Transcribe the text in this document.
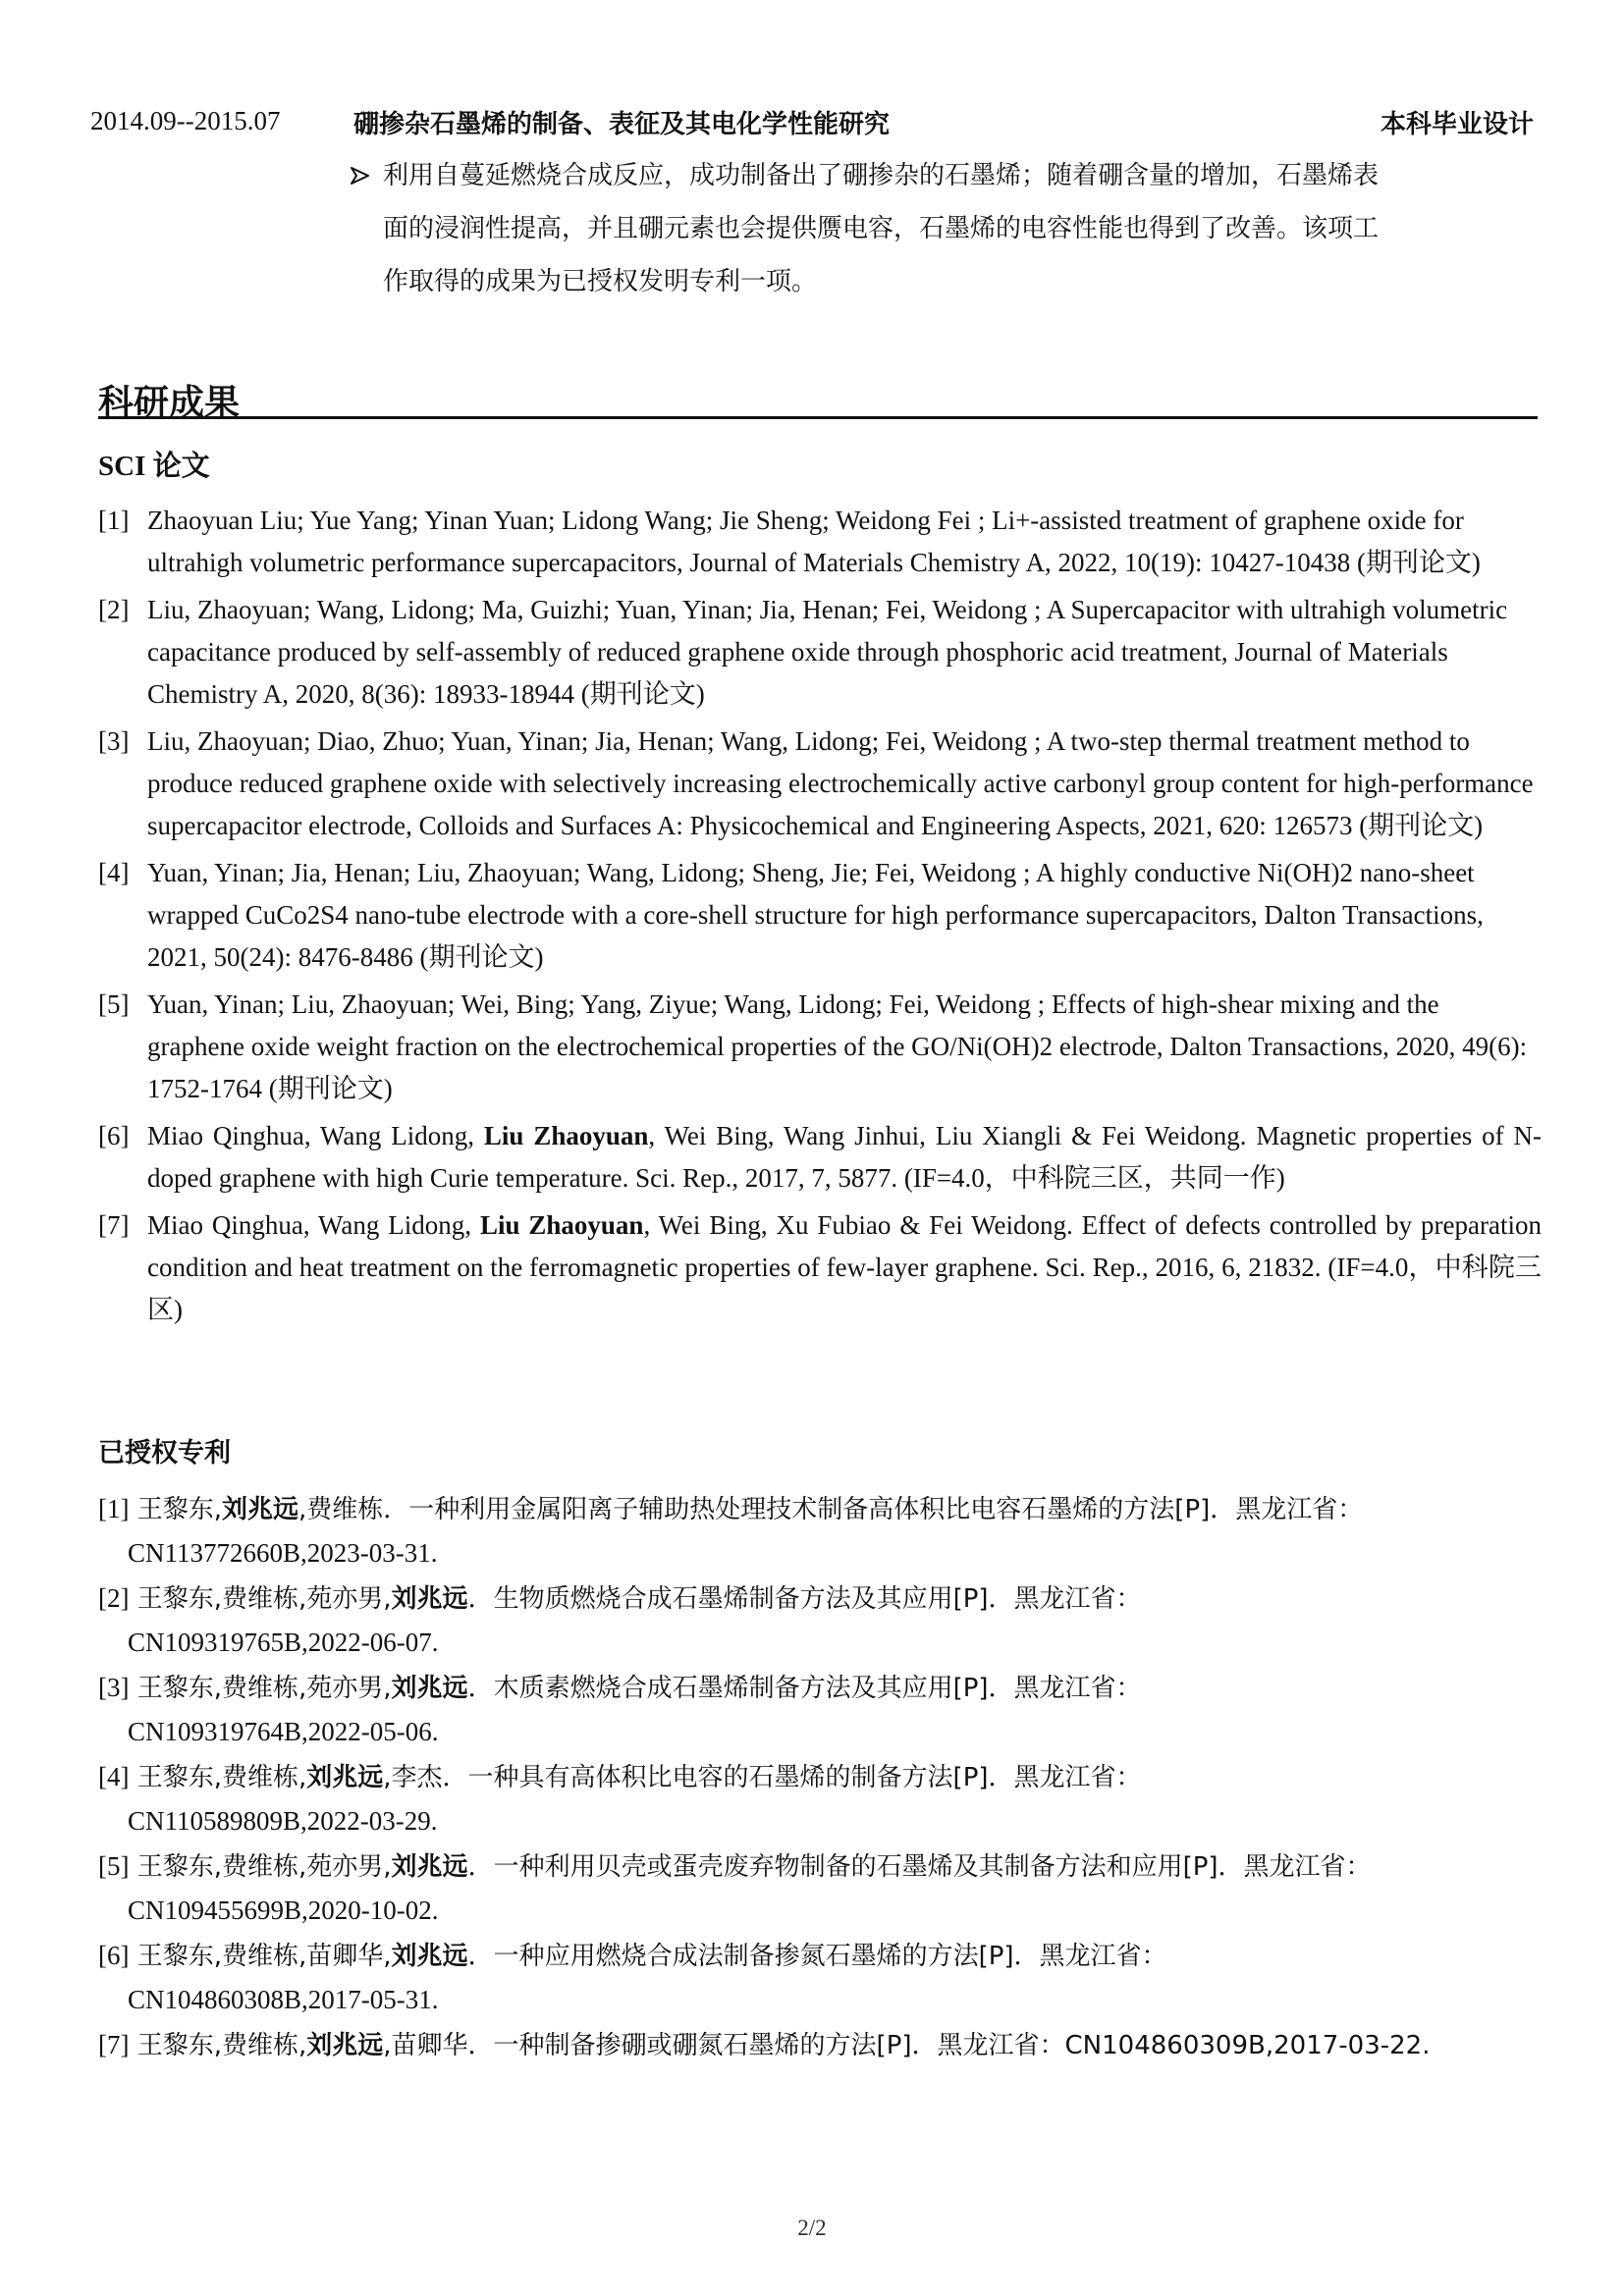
2014.09--2015.07	硼掺杂石墨烯的制备、表征及其电化学性能研究	本科毕业设计
利用自蔓延燃烧合成反应，成功制备出了硼掺杂的石墨烯；随着硼含量的增加，石墨烯表
面的浸润性提高，并且硼元素也会提供赝电容，石墨烯的电容性能也得到了改善。该项工
作取得的成果为已授权发明专利一项。
科研成果
SCI 论文
[1] Zhaoyuan Liu; Yue Yang; Yinan Yuan; Lidong Wang; Jie Sheng; Weidong Fei ; Li+-assisted treatment of graphene oxide for ultrahigh volumetric performance supercapacitors, Journal of Materials Chemistry A, 2022, 10(19): 10427-10438 (期刊论文)
[2] Liu, Zhaoyuan; Wang, Lidong; Ma, Guizhi; Yuan, Yinan; Jia, Henan; Fei, Weidong ; A Supercapacitor with ultrahigh volumetric capacitance produced by self-assembly of reduced graphene oxide through phosphoric acid treatment, Journal of Materials Chemistry A, 2020, 8(36): 18933-18944 (期刊论文)
[3] Liu, Zhaoyuan; Diao, Zhuo; Yuan, Yinan; Jia, Henan; Wang, Lidong; Fei, Weidong ; A two-step thermal treatment method to produce reduced graphene oxide with selectively increasing electrochemically active carbonyl group content for high-performance supercapacitor electrode, Colloids and Surfaces A: Physicochemical and Engineering Aspects, 2021, 620: 126573 (期刊论文)
[4] Yuan, Yinan; Jia, Henan; Liu, Zhaoyuan; Wang, Lidong; Sheng, Jie; Fei, Weidong ; A highly conductive Ni(OH)2 nano-sheet wrapped CuCo2S4 nano-tube electrode with a core-shell structure for high performance supercapacitors, Dalton Transactions, 2021, 50(24): 8476-8486 (期刊论文)
[5] Yuan, Yinan; Liu, Zhaoyuan; Wei, Bing; Yang, Ziyue; Wang, Lidong; Fei, Weidong ; Effects of high-shear mixing and the graphene oxide weight fraction on the electrochemical properties of the GO/Ni(OH)2 electrode, Dalton Transactions, 2020, 49(6): 1752-1764 (期刊论文)
[6] Miao Qinghua, Wang Lidong, Liu Zhaoyuan, Wei Bing, Wang Jinhui, Liu Xiangli & Fei Weidong. Magnetic properties of N-doped graphene with high Curie temperature. Sci. Rep., 2017, 7, 5877. (IF=4.0，中科院三区，共同一作)
[7] Miao Qinghua, Wang Lidong, Liu Zhaoyuan, Wei Bing, Xu Fubiao & Fei Weidong. Effect of defects controlled by preparation condition and heat treatment on the ferromagnetic properties of few-layer graphene. Sci. Rep., 2016, 6, 21832. (IF=4.0，中科院三区)
已授权专利
[1] 王黎东,刘兆远,费维栋．一种利用金属阳离子辅助热处理技术制备高体积比电容石墨烯的方法[P]．黑龙江省：
CN113772660B,2023-03-31.
[2] 王黎东,费维栋,苑亦男,刘兆远．生物质燃烧合成石墨烯制备方法及其应用[P]．黑龙江省：
CN109319765B,2022-06-07.
[3] 王黎东,费维栋,苑亦男,刘兆远．木质素燃烧合成石墨烯制备方法及其应用[P]．黑龙江省：
CN109319764B,2022-05-06.
[4] 王黎东,费维栋,刘兆远,李杰．一种具有高体积比电容的石墨烯的制备方法[P]．黑龙江省：
CN110589809B,2022-03-29.
[5] 王黎东,费维栋,苑亦男,刘兆远．一种利用贝壳或蛋壳废弃物制备的石墨烯及其制备方法和应用[P]．黑龙江省：
CN109455699B,2020-10-02.
[6] 王黎东,费维栋,苗卿华,刘兆远．一种应用燃烧合成法制备掺氮石墨烯的方法[P]．黑龙江省：
CN104860308B,2017-05-31.
[7] 王黎东,费维栋,刘兆远,苗卿华．一种制备掺硼或硼氮石墨烯的方法[P]．黑龙江省：CN104860309B,2017-03-22.
2/2
